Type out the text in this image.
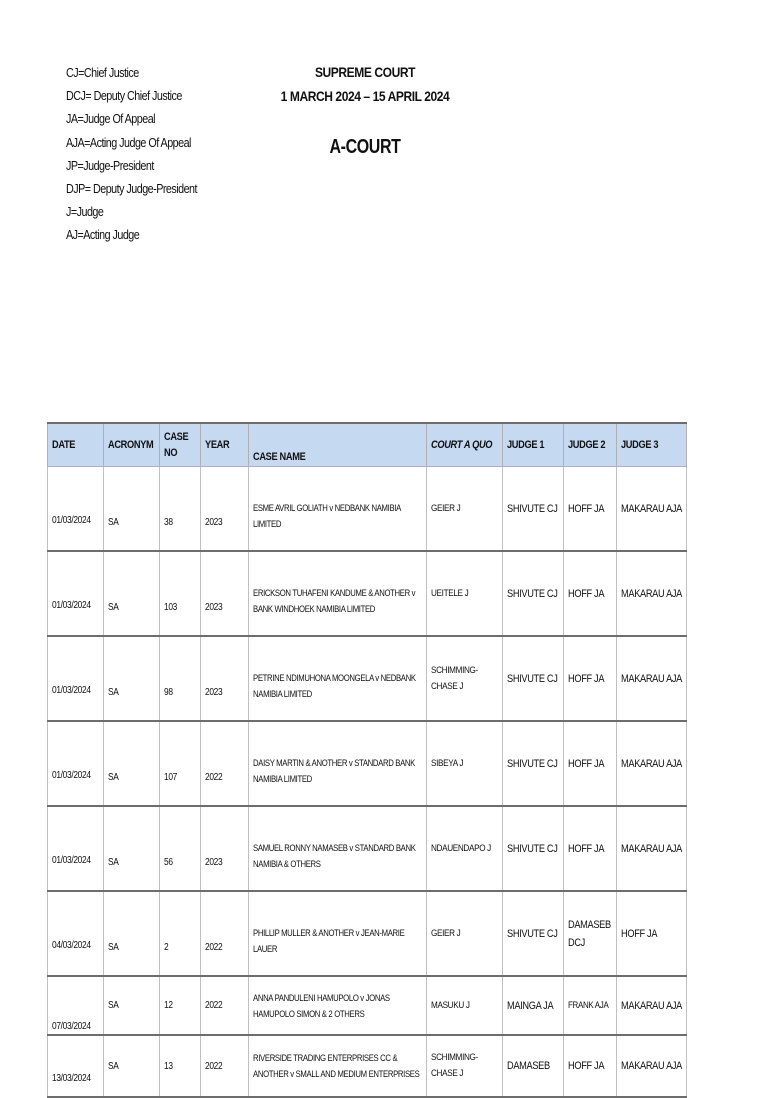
CJ=Chief Justice
DCJ= Deputy Chief Justice
JA=Judge Of Appeal
AJA=Acting Judge Of Appeal
JP=Judge-President
DJP= Deputy Judge-President
J=Judge
AJ=Acting Judge
SUPREME COURT
1 MARCH 2024 – 15 APRIL 2024
A-COURT
DATE	ACRONYM	CASE NO	YEAR	CASE NAME	COURT A QUO	JUDGE 1	JUDGE 2	JUDGE 3
01/03/2024	SA	38	2023	ESME AVRIL GOLIATH v NEDBANK NAMIBIA LIMITED	GEIER J	SHIVUTE CJ	HOFF JA	MAKARAU AJA
01/03/2024	SA	103	2023	ERICKSON TUHAFENI KANDUME & ANOTHER v BANK WINDHOEK NAMIBIA LIMITED	UEITELE J	SHIVUTE CJ	HOFF JA	MAKARAU AJA
01/03/2024	SA	98	2023	PETRINE NDIMUHONA MOONGELA v NEDBANK NAMIBIA LIMITED	SCHIMMING-CHASE J	SHIVUTE CJ	HOFF JA	MAKARAU AJA
01/03/2024	SA	107	2022	DAISY MARTIN & ANOTHER v STANDARD BANK NAMIBIA LIMITED	SIBEYA J	SHIVUTE CJ	HOFF JA	MAKARAU AJA
01/03/2024	SA	56	2023	SAMUEL RONNY NAMASEB v STANDARD BANK NAMIBIA & OTHERS	NDAUENDAPO J	SHIVUTE CJ	HOFF JA	MAKARAU AJA
04/03/2024	SA	2	2022	PHILLIP MULLER & ANOTHER v JEAN-MARIE LAUER	GEIER J	SHIVUTE CJ	DAMASEB DCJ	HOFF JA
07/03/2024	SA	12	2022	ANNA PANDULENI HAMUPOLO v JONAS HAMUPOLO SIMON & 2 OTHERS	MASUKU J	MAINGA JA	FRANK AJA	MAKARAU AJA
13/03/2024	SA	13	2022	RIVERSIDE TRADING ENTERPRISES CC & ANOTHER v SMALL AND MEDIUM ENTERPRISES	SCHIMMING-CHASE J	DAMASEB	HOFF JA	MAKARAU AJA
